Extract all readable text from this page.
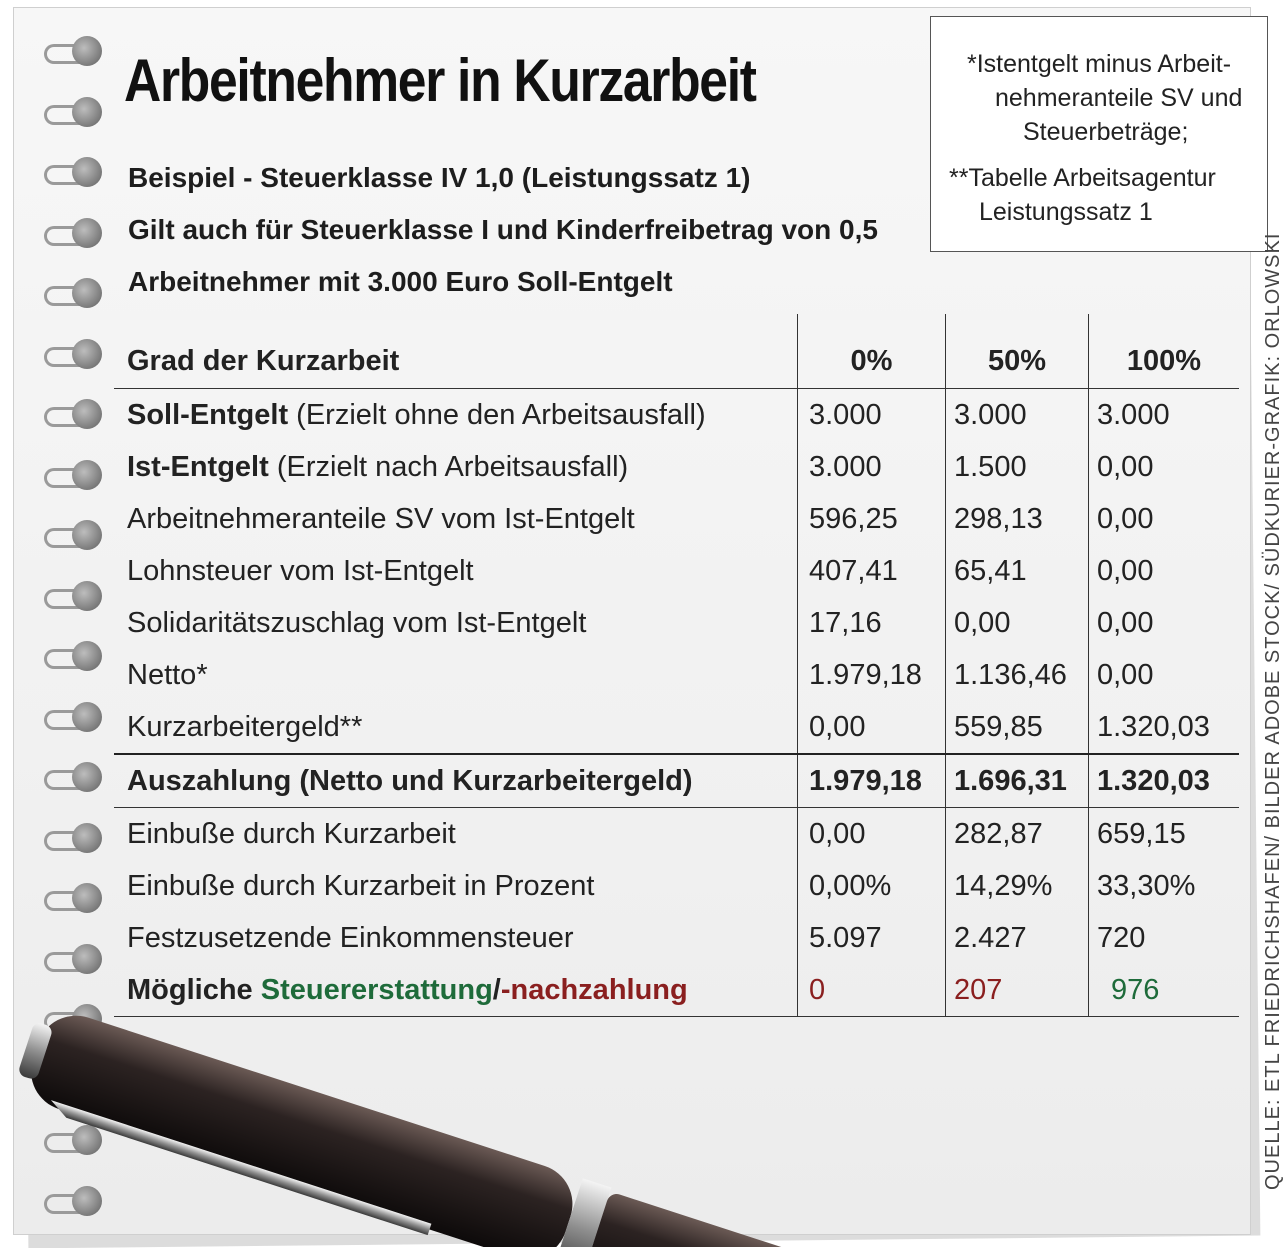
Arbeitnehmer in Kurzarbeit
Beispiel - Steuerklasse IV 1,0 (Leistungssatz 1)
Gilt auch für Steuerklasse I und Kinderfreibetrag von 0,5
Arbeitnehmer mit 3.000 Euro Soll-Entgelt
*Istentgelt minus Arbeit-
nehmeranteile SV und
Steuerbeträge;
**Tabelle Arbeitsagentur
Leistungssatz 1
QUELLE: ETL FRIEDRICHSHAFEN/ BILDER ADOBE STOCK/ SÜDKURIER-GRAFIK: ORLOWSKI
Grad der Kurzarbeit	0%	50%	100%
Soll-Entgelt (Erzielt ohne den Arbeitsausfall)	3.000	3.000	3.000
Ist-Entgelt (Erzielt nach Arbeitsausfall)	3.000	1.500	0,00
Arbeitnehmeranteile SV vom Ist-Entgelt	596,25	298,13	0,00
Lohnsteuer vom Ist-Entgelt	407,41	65,41	0,00
Solidaritätszuschlag vom Ist-Entgelt	17,16	0,00	0,00
Netto*	1.979,18	1.136,46	0,00
Kurzarbeitergeld**	0,00	559,85	1.320,03
Auszahlung (Netto und Kurzarbeitergeld)	1.979,18	1.696,31	1.320,03
Einbuße durch Kurzarbeit	0,00	282,87	659,15
Einbuße durch Kurzarbeit in Prozent	0,00%	14,29%	33,30%
Festzusetzende Einkommensteuer	5.097	2.427	720
Mögliche Steuererstattung/-nachzahlung	0	207	976
